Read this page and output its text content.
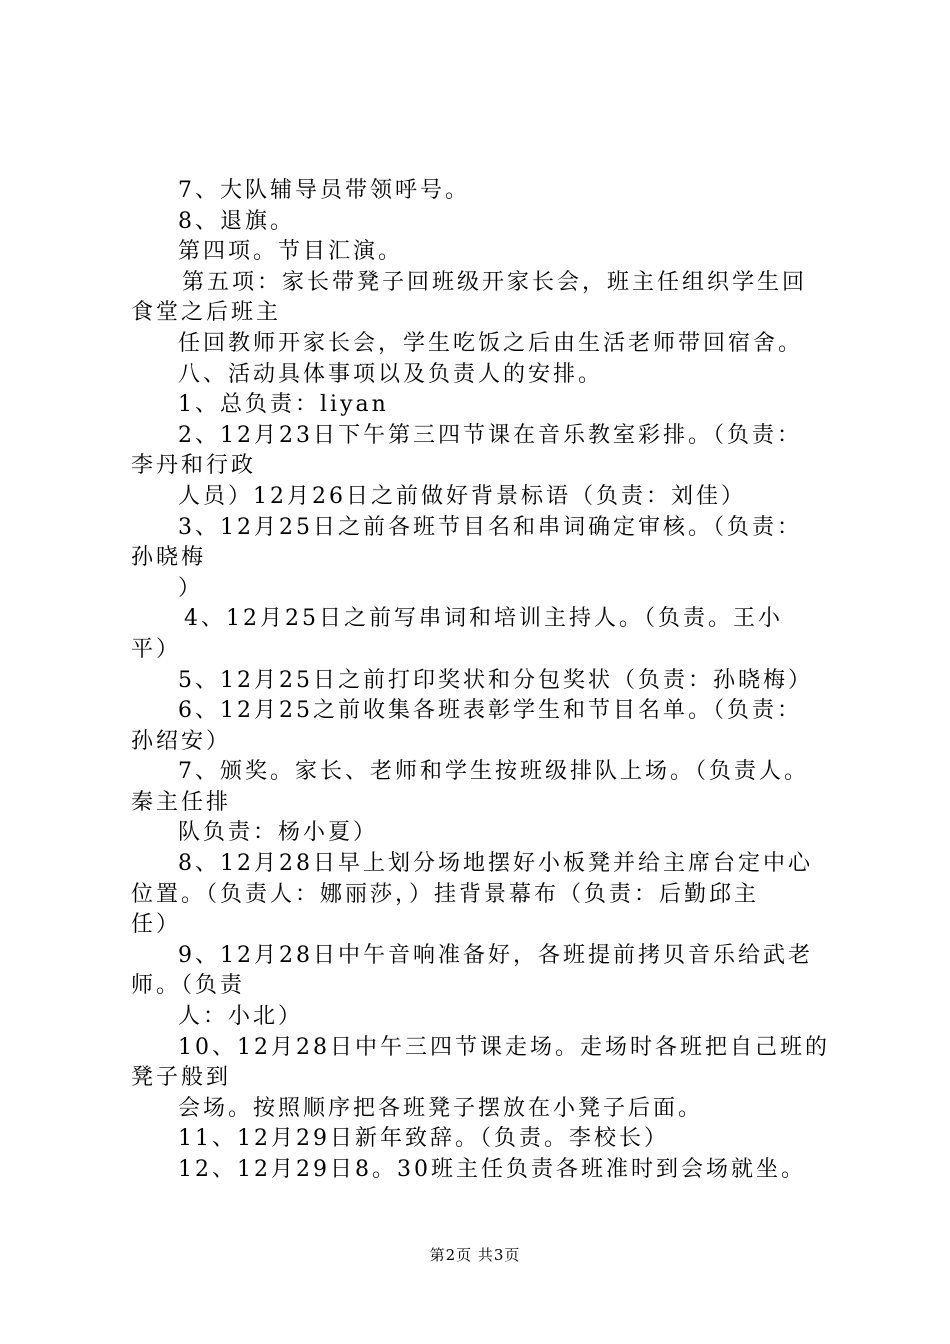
7、大队辅导员带领呼号。
8、退旗。
第四项。节目汇演。
第五项：家长带凳子回班级开家长会，班主任组织学生回
食堂之后班主
任回教师开家长会，学生吃饭之后由生活老师带回宿舍。
八、活动具体事项以及负责人的安排。
1、总负责：liyan
2、12月23日下午第三四节课在音乐教室彩排。（负责：
李丹和行政
人员）12月26日之前做好背景标语（负责：刘佳）
3、12月25日之前各班节目名和串词确定审核。（负责：
孙晓梅
）
4、12月25日之前写串词和培训主持人。（负责。王小
平）
5、12月25日之前打印奖状和分包奖状（负责：孙晓梅）
6、12月25之前收集各班表彰学生和节目名单。（负责：
孙绍安）
7、颁奖。家长、老师和学生按班级排队上场。（负责人。
秦主任排
队负责：杨小夏）
8、12月28日早上划分场地摆好小板凳并给主席台定中心
位置。（负责人：娜丽莎，）挂背景幕布（负责：后勤邱主
任）
9、12月28日中午音响准备好，各班提前拷贝音乐给武老
师。（负责
人：小北）
10、12月28日中午三四节课走场。走场时各班把自己班的
凳子般到
会场。按照顺序把各班凳子摆放在小凳子后面。
11、12月29日新年致辞。（负责。李校长）
12、12月29日8。30班主任负责各班准时到会场就坐。
第2页 共3页
